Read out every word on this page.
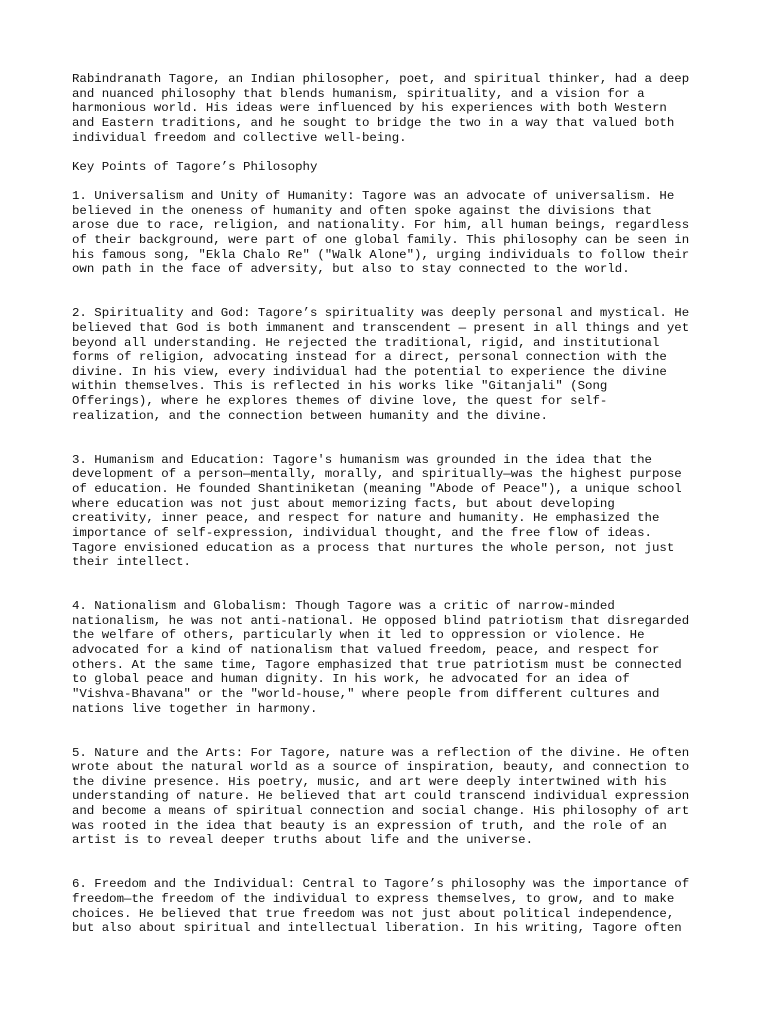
Rabindranath Tagore, an Indian philosopher, poet, and spiritual thinker, had a deep
and nuanced philosophy that blends humanism, spirituality, and a vision for a
harmonious world. His ideas were influenced by his experiences with both Western
and Eastern traditions, and he sought to bridge the two in a way that valued both
individual freedom and collective well-being.
Key Points of Tagore’s Philosophy
1. Universalism and Unity of Humanity: Tagore was an advocate of universalism. He
believed in the oneness of humanity and often spoke against the divisions that
arose due to race, religion, and nationality. For him, all human beings, regardless
of their background, were part of one global family. This philosophy can be seen in
his famous song, "Ekla Chalo Re" ("Walk Alone"), urging individuals to follow their
own path in the face of adversity, but also to stay connected to the world.
2. Spirituality and God: Tagore’s spirituality was deeply personal and mystical. He
believed that God is both immanent and transcendent — present in all things and yet
beyond all understanding. He rejected the traditional, rigid, and institutional
forms of religion, advocating instead for a direct, personal connection with the
divine. In his view, every individual had the potential to experience the divine
within themselves. This is reflected in his works like "Gitanjali" (Song
Offerings), where he explores themes of divine love, the quest for self-
realization, and the connection between humanity and the divine.
3. Humanism and Education: Tagore's humanism was grounded in the idea that the
development of a person—mentally, morally, and spiritually—was the highest purpose
of education. He founded Shantiniketan (meaning "Abode of Peace"), a unique school
where education was not just about memorizing facts, but about developing
creativity, inner peace, and respect for nature and humanity. He emphasized the
importance of self-expression, individual thought, and the free flow of ideas.
Tagore envisioned education as a process that nurtures the whole person, not just
their intellect.
4. Nationalism and Globalism: Though Tagore was a critic of narrow-minded
nationalism, he was not anti-national. He opposed blind patriotism that disregarded
the welfare of others, particularly when it led to oppression or violence. He
advocated for a kind of nationalism that valued freedom, peace, and respect for
others. At the same time, Tagore emphasized that true patriotism must be connected
to global peace and human dignity. In his work, he advocated for an idea of
"Vishva-Bhavana" or the "world-house," where people from different cultures and
nations live together in harmony.
5. Nature and the Arts: For Tagore, nature was a reflection of the divine. He often
wrote about the natural world as a source of inspiration, beauty, and connection to
the divine presence. His poetry, music, and art were deeply intertwined with his
understanding of nature. He believed that art could transcend individual expression
and become a means of spiritual connection and social change. His philosophy of art
was rooted in the idea that beauty is an expression of truth, and the role of an
artist is to reveal deeper truths about life and the universe.
6. Freedom and the Individual: Central to Tagore’s philosophy was the importance of
freedom—the freedom of the individual to express themselves, to grow, and to make
choices. He believed that true freedom was not just about political independence,
but also about spiritual and intellectual liberation. In his writing, Tagore often
